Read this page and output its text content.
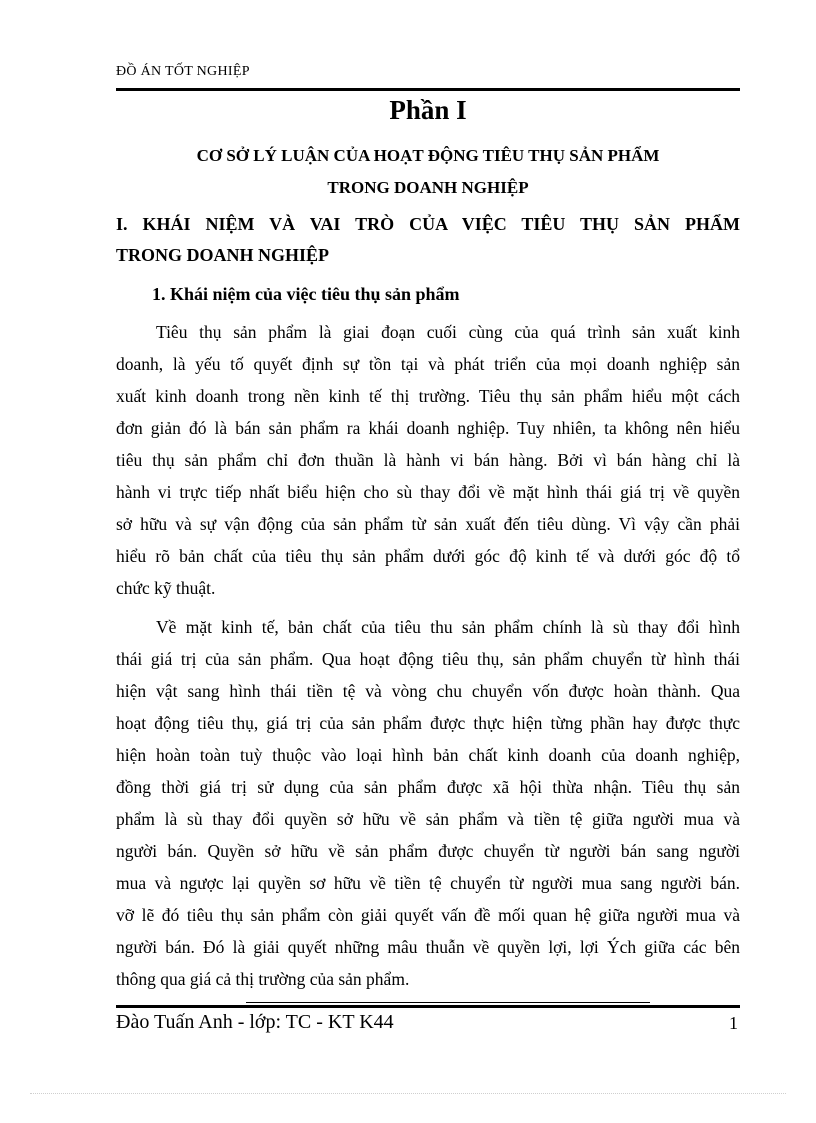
ĐỒ ÁN TỐT NGHIỆP
Phần I
CƠ SỞ LÝ LUẬN CỦA HOẠT ĐỘNG TIÊU THỤ SẢN PHẨM
TRONG DOANH NGHIỆP
I. KHÁI NIỆM VÀ VAI TRÒ CỦA VIỆC TIÊU THỤ SẢN PHẨM
TRONG DOANH NGHIỆP
1. Khái niệm của việc tiêu thụ sản phẩm
Tiêu thụ sản phẩm là giai đoạn cuối cùng của quá trình sản xuất kinh
doanh, là yếu tố quyết định sự tồn tại và phát triển của mọi doanh nghiệp sản
xuất kinh doanh trong nền kinh tế thị trường. Tiêu thụ sản phẩm hiểu một cách
đơn giản đó là bán sản phẩm ra khái doanh nghiệp. Tuy nhiên, ta không nên hiểu
tiêu thụ sản phẩm chỉ đơn thuần là hành vi bán hàng. Bởi vì bán hàng chỉ là
hành vi trực tiếp nhất biểu hiện cho sù thay đổi về mặt hình thái giá trị về quyền
sở hữu và sự vận động của sản phẩm từ sản xuất đến tiêu dùng. Vì vậy cần phải
hiểu rõ bản chất của tiêu thụ sản phẩm dưới góc độ kinh tế và dưới góc độ tổ
chức kỹ thuật.
Về mặt kinh tế, bản chất của tiêu thu sản phẩm chính là sù thay đổi hình
thái giá trị của sản phẩm. Qua hoạt động tiêu thụ, sản phẩm chuyển từ hình thái
hiện vật sang hình thái tiền tệ và vòng chu chuyển vốn được hoàn thành. Qua
hoạt động tiêu thụ, giá trị của sản phẩm được thực hiện từng phần hay được thực
hiện hoàn toàn tuỳ thuộc vào loại hình bản chất kinh doanh của doanh nghiệp,
đồng thời giá trị sử dụng của sản phẩm được xã hội thừa nhận. Tiêu thụ sản
phẩm là sù thay đổi quyền sở hữu về sản phẩm và tiền tệ giữa người mua và
người bán. Quyền sở hữu về sản phẩm được chuyển từ người bán sang người
mua và ngược lại quyền sơ hữu về tiền tệ chuyển từ người mua sang người bán.
vỡ lẽ đó tiêu thụ sản phẩm còn giải quyết vấn đề mối quan hệ giữa người mua và
người bán. Đó là giải quyết những mâu thuẫn về quyền lợi, lợi Ých giữa các bên
thông qua giá cả thị trường của sản phẩm.
Đào Tuấn Anh - lớp: TC - KT K44	1
